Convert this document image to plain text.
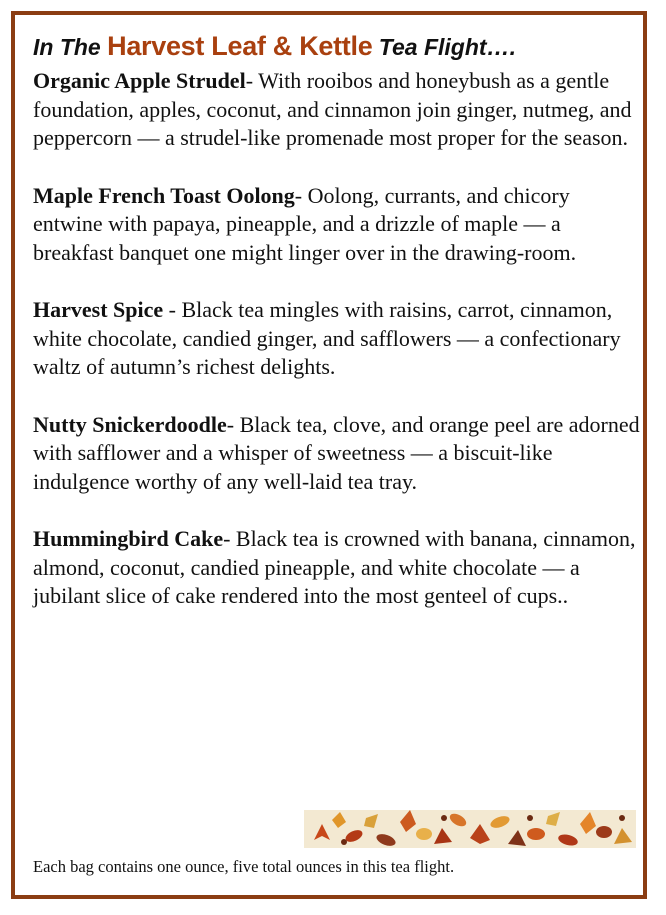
In The Harvest Leaf & Kettle Tea Flight….

Organic Apple Strudel- With rooibos and honeybush as a gentle foundation, apples, coconut, and cinnamon join ginger, nutmeg, and peppercorn — a strudel-like promenade most proper for the season.

Maple French Toast Oolong- Oolong, currants, and chicory entwine with papaya, pineapple, and a drizzle of maple — a breakfast banquet one might linger over in the drawing-room.

Harvest Spice - Black tea mingles with raisins, carrot, cinnamon, white chocolate, candied ginger, and safflowers — a confectionary waltz of autumn’s richest delights.

Nutty Snickerdoodle- Black tea, clove, and orange peel are adorned with safflower and a whisper of sweetness — a biscuit-like indulgence worthy of any well-laid tea tray.

Hummingbird Cake- Black tea is crowned with banana, cinnamon, almond, coconut, candied pineapple, and white chocolate — a jubilant slice of cake rendered into the most genteel of cups..

Each bag contains one ounce, five total ounces in this tea flight.
